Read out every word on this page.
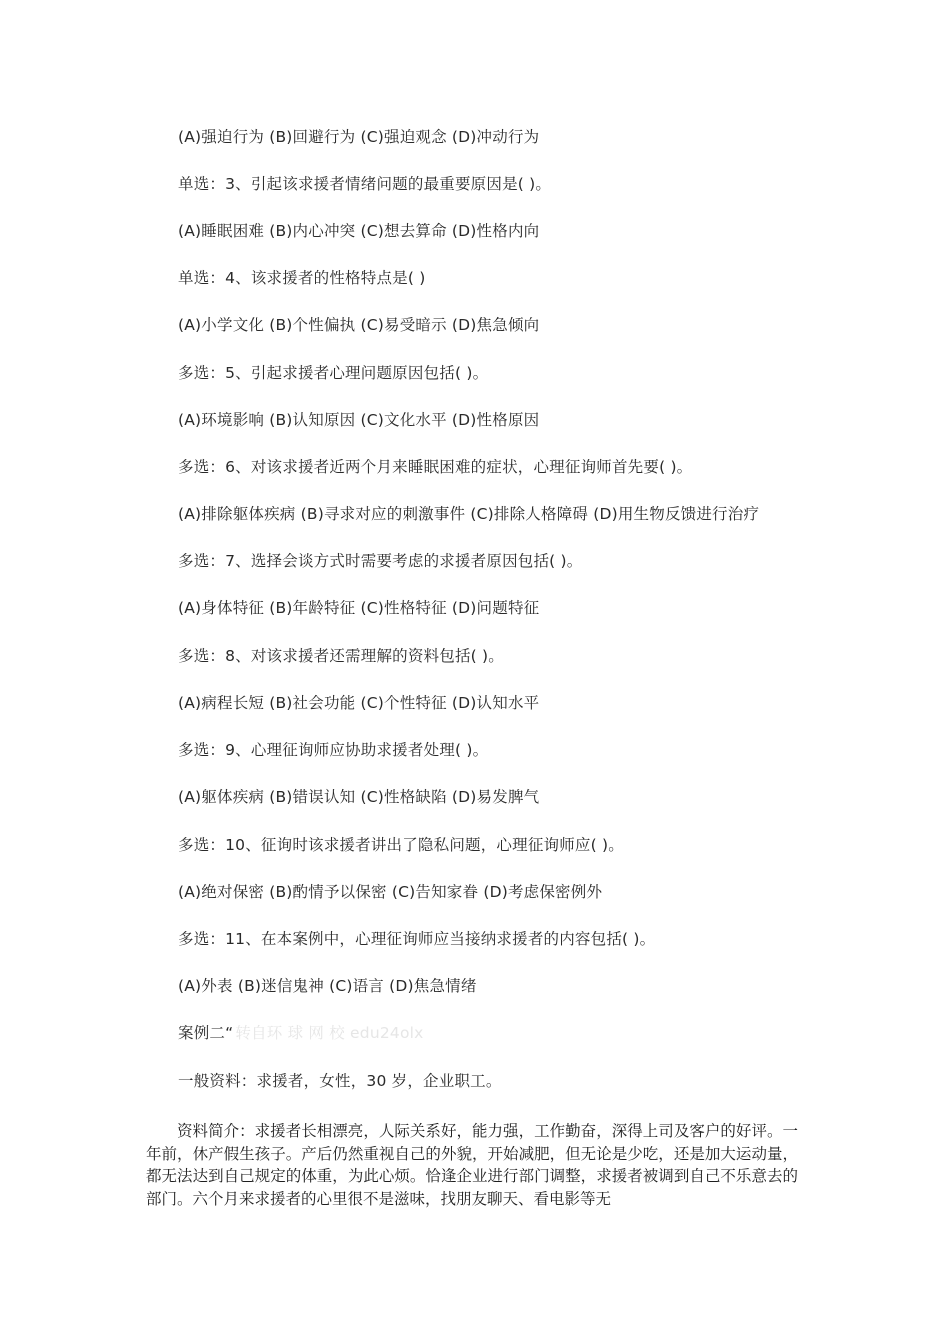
(A)强迫行为 (B)回避行为 (C)强迫观念 (D)冲动行为
单选：3、引起该求援者情绪问题的最重要原因是( )。
(A)睡眠困难 (B)内心冲突 (C)想去算命 (D)性格内向
单选：4、该求援者的性格特点是( )
(A)小学文化 (B)个性偏执 (C)易受暗示 (D)焦急倾向
多选：5、引起求援者心理问题原因包括( )。
(A)环境影响 (B)认知原因 (C)文化水平 (D)性格原因
多选：6、对该求援者近两个月来睡眠困难的症状，心理征询师首先要( )。
(A)排除躯体疾病 (B)寻求对应的刺激事件 (C)排除人格障碍 (D)用生物反馈进行治疗
多选：7、选择会谈方式时需要考虑的求援者原因包括( )。
(A)身体特征 (B)年龄特征 (C)性格特征 (D)问题特征
多选：8、对该求援者还需理解的资料包括( )。
(A)病程长短 (B)社会功能 (C)个性特征 (D)认知水平
多选：9、心理征询师应协助求援者处理( )。
(A)躯体疾病 (B)错误认知 (C)性格缺陷 (D)易发脾气
多选：10、征询时该求援者讲出了隐私问题，心理征询师应( )。
(A)绝对保密 (B)酌情予以保密 (C)告知家眷 (D)考虑保密例外
多选：11、在本案例中，心理征询师应当接纳求援者的内容包括( )。
(A)外表 (B)迷信鬼神 (C)语言 (D)焦急情绪
案例二“ 转自环 球 网 校 edu24olx
一般资料：求援者，女性，30 岁，企业职工。
资料简介：求援者长相漂亮，人际关系好，能力强，工作勤奋，深得上司及客户的好评。一年前，休产假生孩子。产后仍然重视自己的外貌，开始减肥，但无论是少吃，还是加大运动量，都无法达到自己规定的体重，为此心烦。恰逢企业进行部门调整，求援者被调到自己不乐意去的部门。六个月来求援者的心里很不是滋味，找朋友聊天、看电影等无
